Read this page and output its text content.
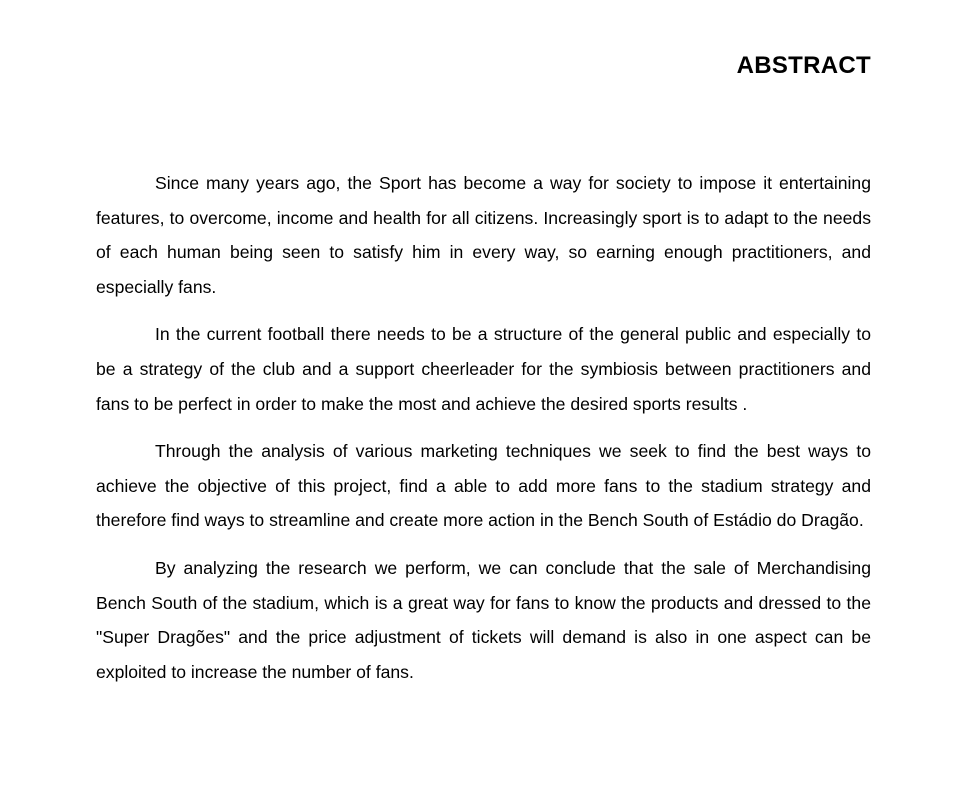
ABSTRACT

Since many years ago, the Sport has become a way for society to impose it entertaining features, to overcome, income and health for all citizens. Increasingly sport is to adapt to the needs of each human being seen to satisfy him in every way, so earning enough practitioners, and especially fans.

In the current football there needs to be a structure of the general public and especially to be a strategy of the club and a support cheerleader for the symbiosis between practitioners and fans to be perfect in order to make the most and achieve the desired sports results .

Through the analysis of various marketing techniques we seek to find the best ways to achieve the objective of this project, find a able to add more fans to the stadium strategy and therefore find ways to streamline and create more action in the Bench South of Estádio do Dragão.

By analyzing the research we perform, we can conclude that the sale of Merchandising Bench South of the stadium, which is a great way for fans to know the products and dressed to the "Super Dragões" and the price adjustment of tickets will demand is also in one aspect can be exploited to increase the number of fans.
